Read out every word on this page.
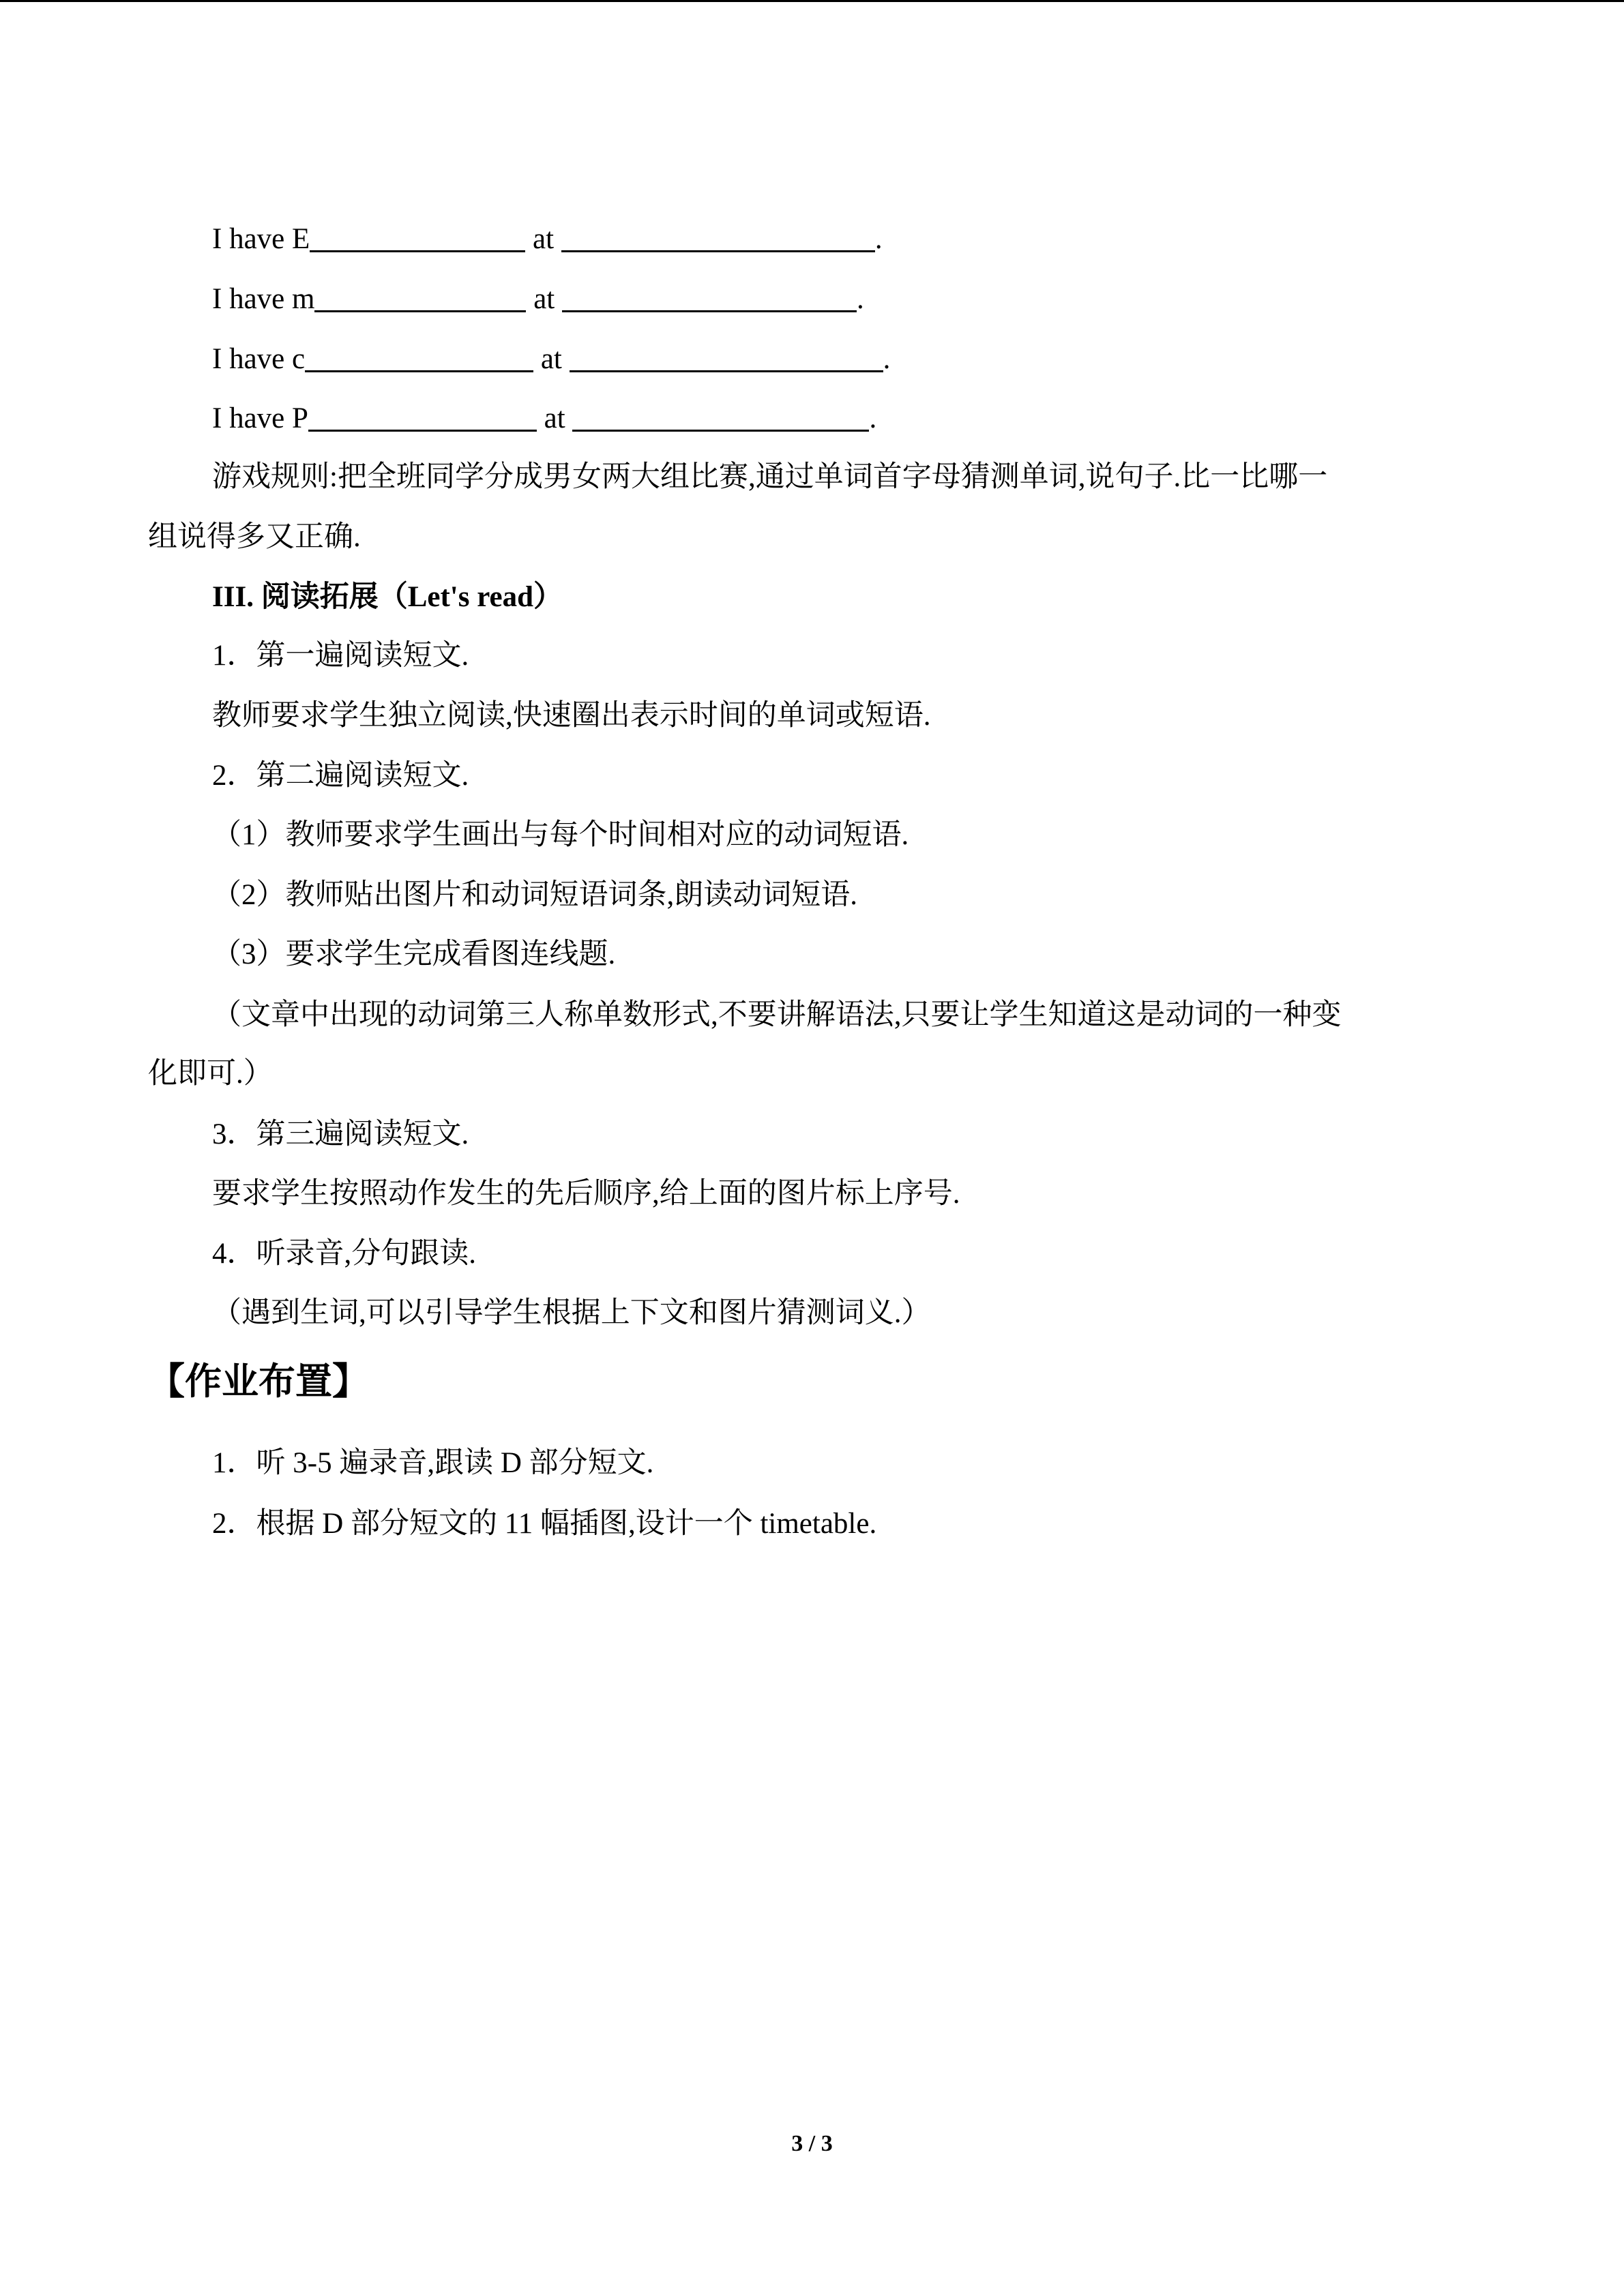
I have E	at	.
I have m	at	.
I have c	at	.
I have P	at	.
游戏规则:把全班同学分成男女两大组比赛,通过单词首字母猜测单词,说句子.比一比哪一
组说得多又正确.
III. 阅读拓展（Let's read）
1．第一遍阅读短文.
教师要求学生独立阅读,快速圈出表示时间的单词或短语.
2．第二遍阅读短文.
（1）教师要求学生画出与每个时间相对应的动词短语.
（2）教师贴出图片和动词短语词条,朗读动词短语.
（3）要求学生完成看图连线题.
（文章中出现的动词第三人称单数形式,不要讲解语法,只要让学生知道这是动词的一种变
化即可.）
3．第三遍阅读短文.
要求学生按照动作发生的先后顺序,给上面的图片标上序号.
4．听录音,分句跟读.
（遇到生词,可以引导学生根据上下文和图片猜测词义.）
【作业布置】
1．听 3-5 遍录音,跟读 D 部分短文.
2．根据 D 部分短文的 11 幅插图,设计一个 timetable.
3 / 3
